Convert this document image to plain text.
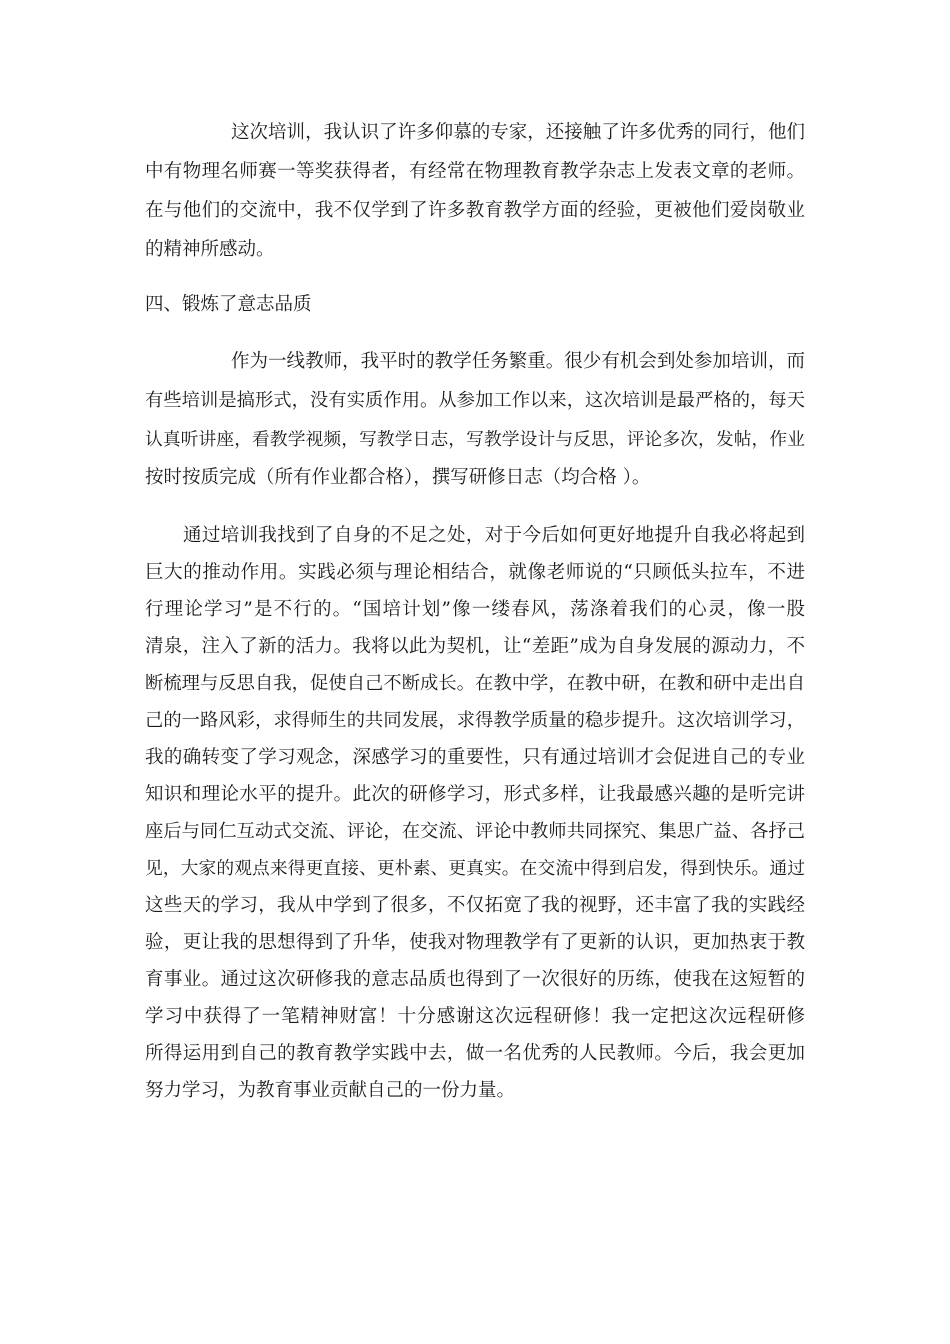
这次培训，我认识了许多仰慕的专家，还接触了许多优秀的同行，他们
中有物理名师赛一等奖获得者，有经常在物理教育教学杂志上发表文章的老师。
在与他们的交流中，我不仅学到了许多教育教学方面的经验，更被他们爱岗敬业
的精神所感动。
四、锻炼了意志品质
作为一线教师，我平时的教学任务繁重。很少有机会到处参加培训，而
有些培训是搞形式，没有实质作用。从参加工作以来，这次培训是最严格的，每天
认真听讲座，看教学视频，写教学日志，写教学设计与反思，评论多次，发帖，作业
按时按质完成（所有作业都合格），撰写研修日志（均合格 ）。
通过培训我找到了自身的不足之处，对于今后如何更好地提升自我必将起到
巨大的推动作用。实践必须与理论相结合，就像老师说的“只顾低头拉车，不进
行理论学习”是不行的。“国培计划”像一缕春风，荡涤着我们的心灵，像一股
清泉，注入了新的活力。我将以此为契机，让“差距”成为自身发展的源动力，不
断梳理与反思自我，促使自己不断成长。在教中学，在教中研，在教和研中走出自
己的一路风彩，求得师生的共同发展，求得教学质量的稳步提升。这次培训学习，
我的确转变了学习观念，深感学习的重要性，只有通过培训才会促进自己的专业
知识和理论水平的提升。此次的研修学习，形式多样，让我最感兴趣的是听完讲
座后与同仁互动式交流、评论，在交流、评论中教师共同探究、集思广益、各抒己
见，大家的观点来得更直接、更朴素、更真实。在交流中得到启发，得到快乐。通过
这些天的学习，我从中学到了很多，不仅拓宽了我的视野，还丰富了我的实践经
验，更让我的思想得到了升华，使我对物理教学有了更新的认识，更加热衷于教
育事业。通过这次研修我的意志品质也得到了一次很好的历练，使我在这短暂的
学习中获得了一笔精神财富！十分感谢这次远程研修！我一定把这次远程研修
所得运用到自己的教育教学实践中去，做一名优秀的人民教师。今后，我会更加
努力学习，为教育事业贡献自己的一份力量。
